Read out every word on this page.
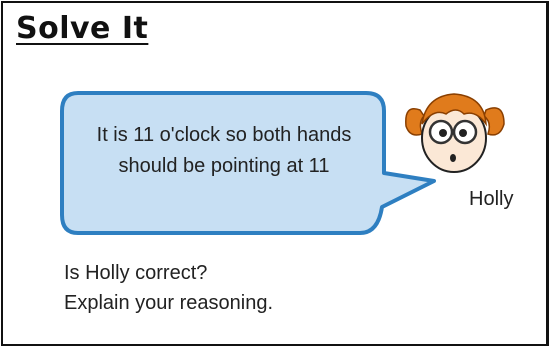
Solve It

It is 11 o'clock so both hands should be pointing at 11

Holly

Is Holly correct?

Explain your reasoning.
